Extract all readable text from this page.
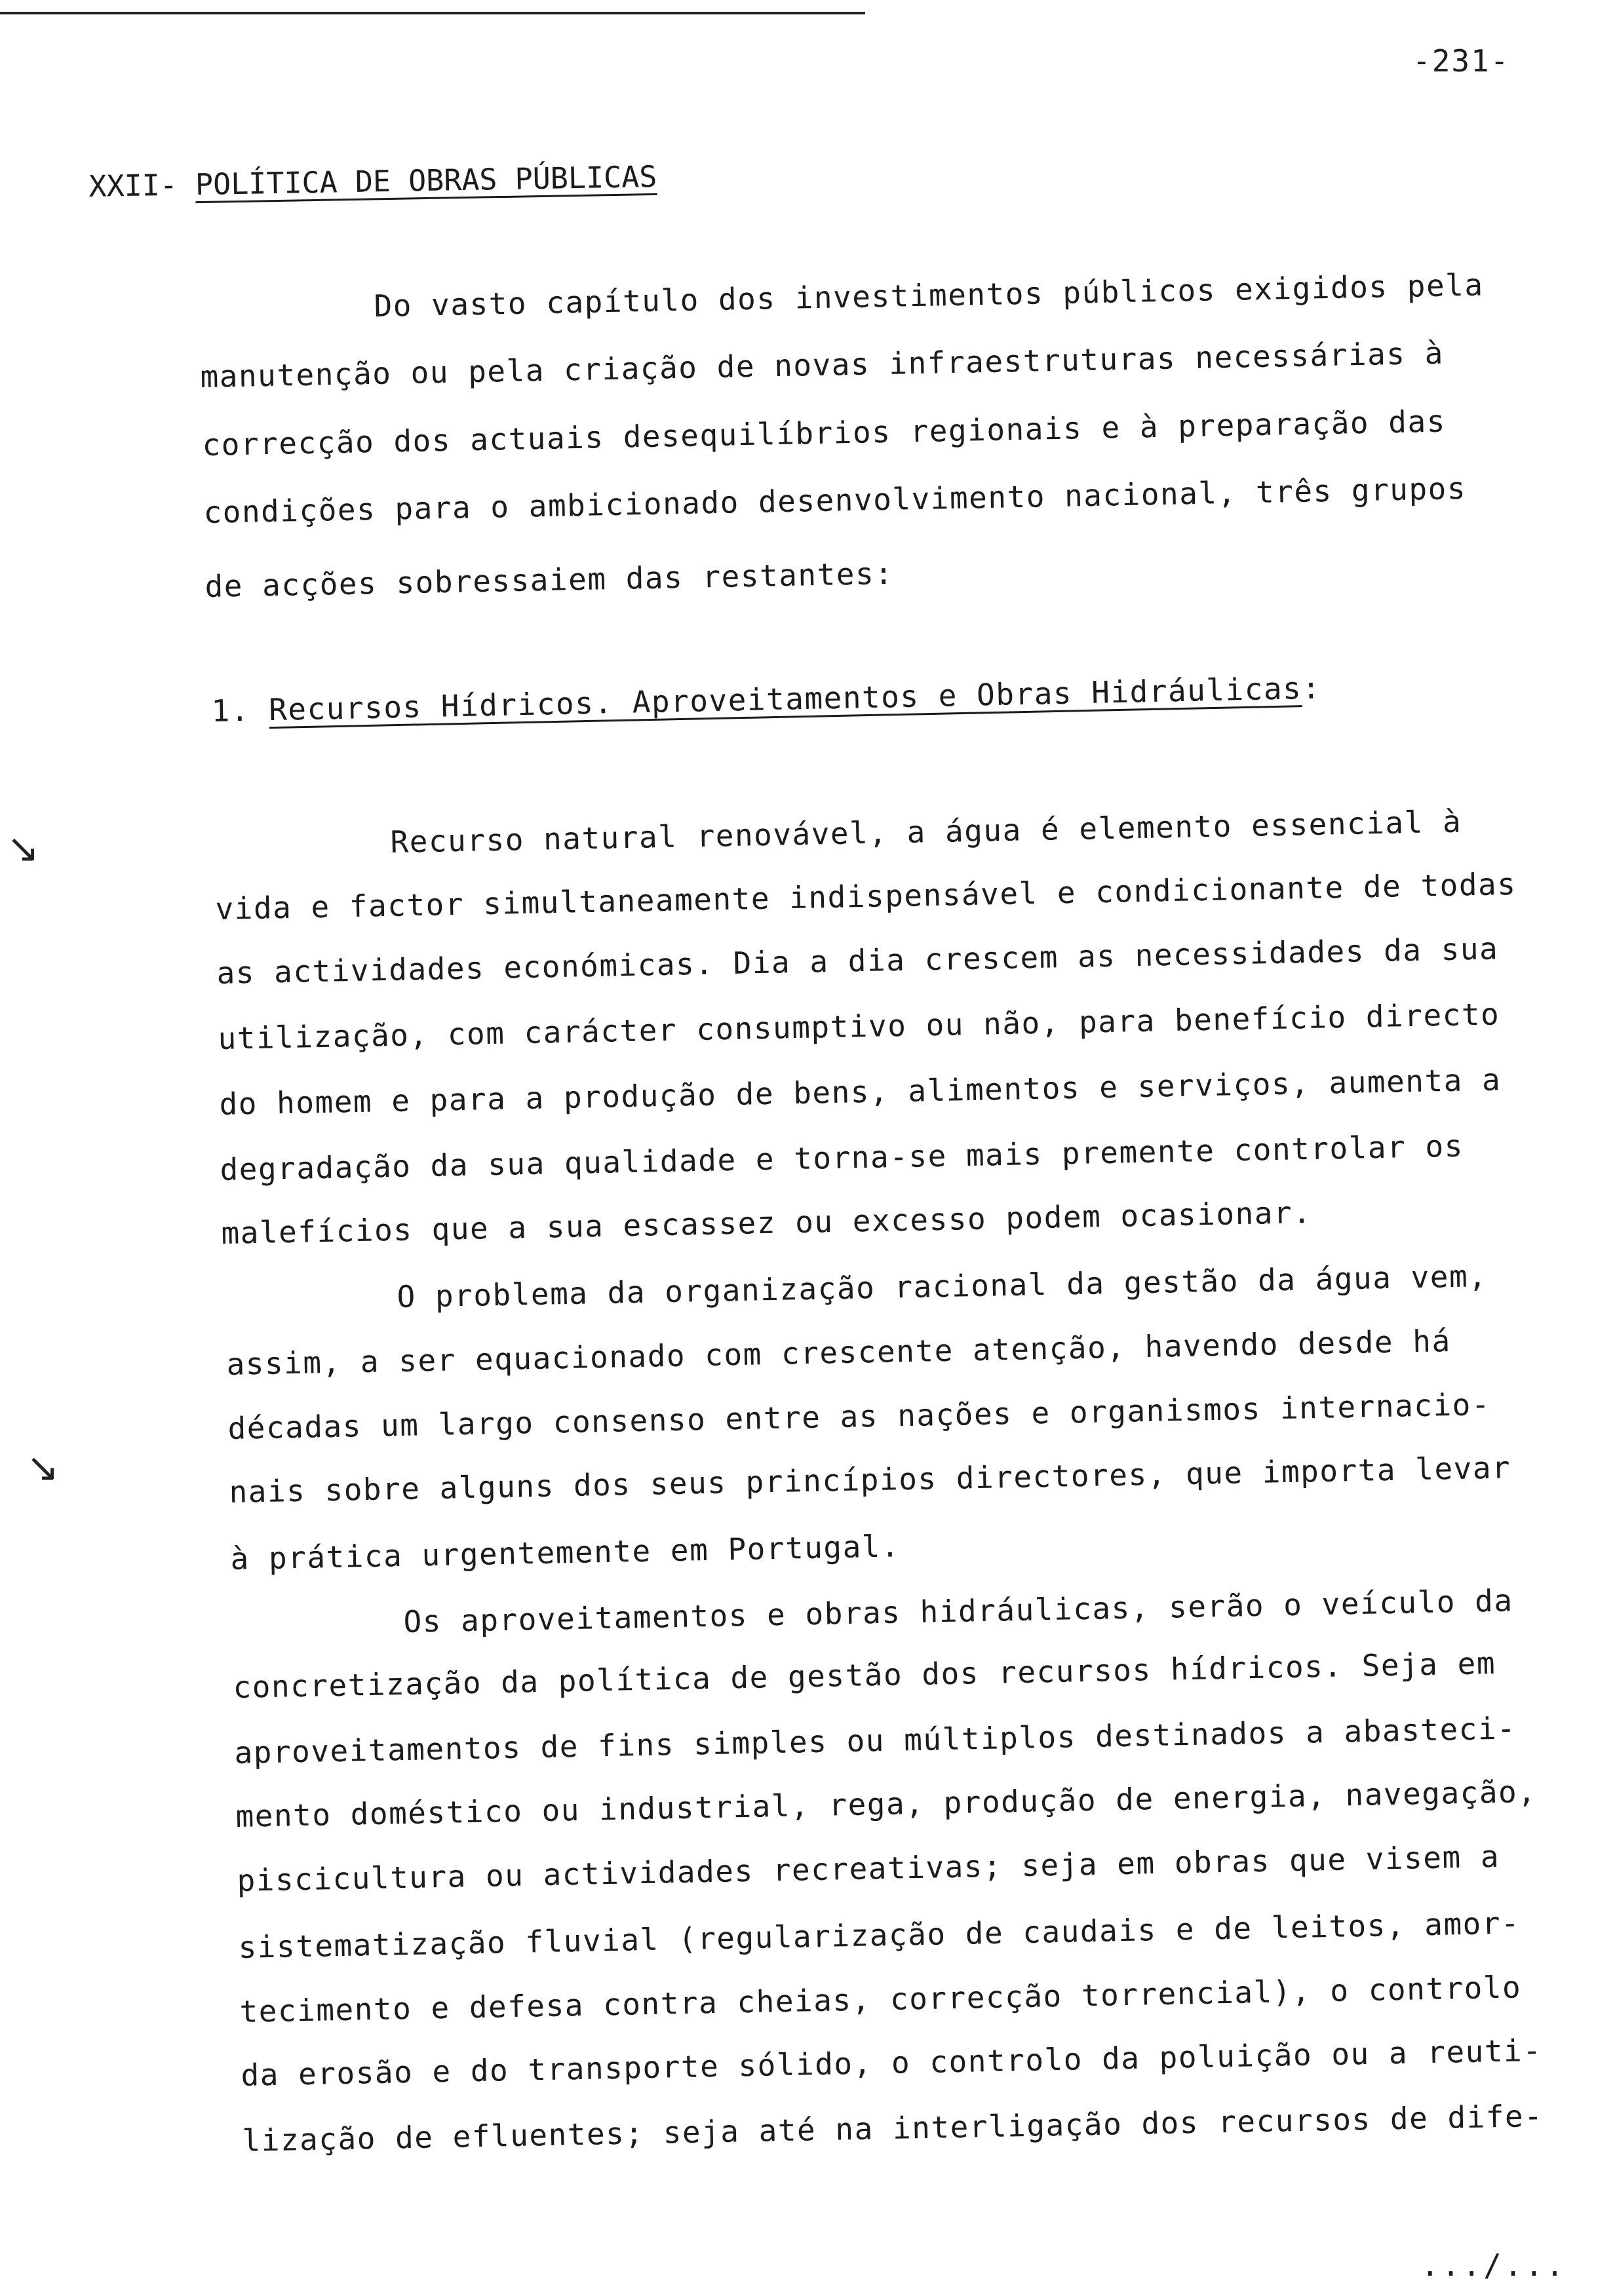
-231-
XXII- POLÍTICA DE OBRAS PÚBLICAS
Do vasto capítulo dos investimentos públicos exigidos pela
manutenção ou pela criação de novas infraestruturas necessárias à
correcção dos actuais desequilíbrios regionais e à preparação das
condições para o ambicionado desenvolvimento nacional, três grupos
de acções sobressaiem das restantes:
1. Recursos Hídricos. Aproveitamentos e Obras Hidráulicas:
↘
↘
Recurso natural renovável, a água é elemento essencial à
vida e factor simultaneamente indispensável e condicionante de todas
as actividades económicas. Dia a dia crescem as necessidades da sua
utilização, com carácter consumptivo ou não, para benefício directo
do homem e para a produção de bens, alimentos e serviços, aumenta a
degradação da sua qualidade e torna-se mais premente controlar os
malefícios que a sua escassez ou excesso podem ocasionar.
O problema da organização racional da gestão da água vem,
assim, a ser equacionado com crescente atenção, havendo desde há
décadas um largo consenso entre as nações e organismos internacio-
nais sobre alguns dos seus princípios directores, que importa levar
à prática urgentemente em Portugal.
Os aproveitamentos e obras hidráulicas, serão o veículo da
concretização da política de gestão dos recursos hídricos. Seja em
aproveitamentos de fins simples ou múltiplos destinados a abasteci-
mento doméstico ou industrial, rega, produção de energia, navegação,
piscicultura ou actividades recreativas; seja em obras que visem a
sistematização fluvial (regularização de caudais e de leitos, amor-
tecimento e defesa contra cheias, correcção torrencial), o controlo
da erosão e do transporte sólido, o controlo da poluição ou a reuti-
lização de efluentes; seja até na interligação dos recursos de dife-
.../...
